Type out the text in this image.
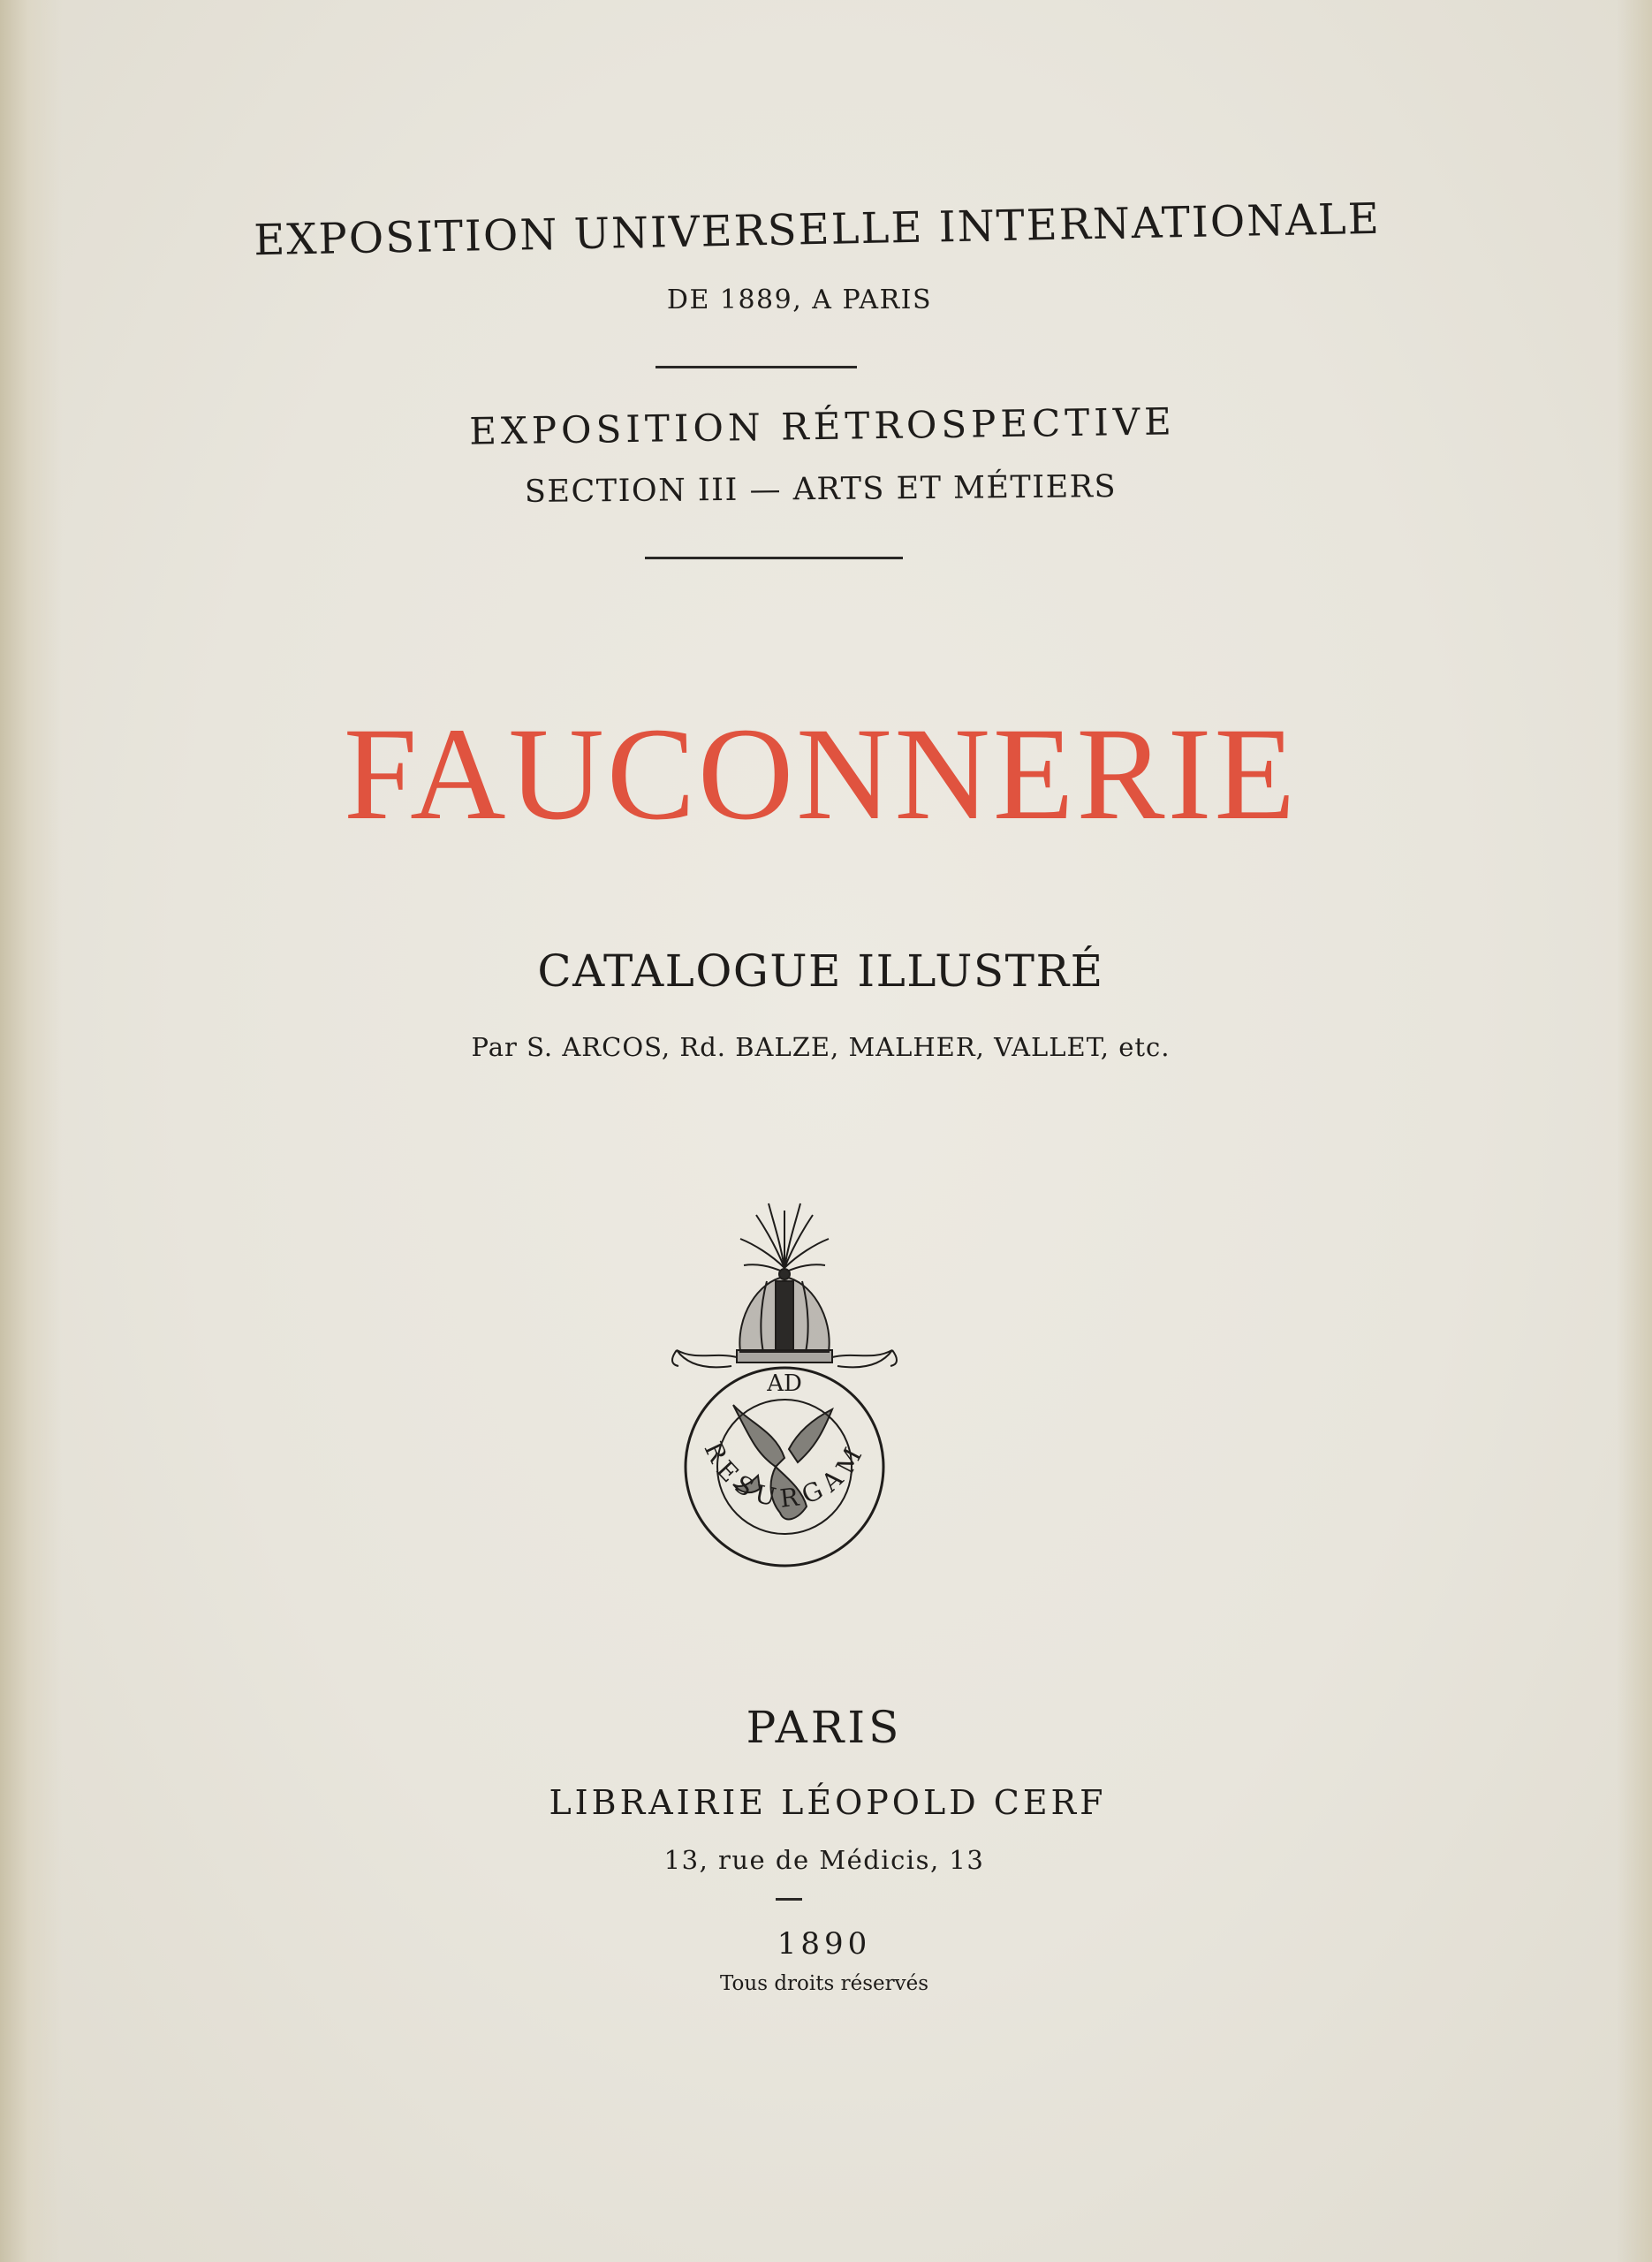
EXPOSITION UNIVERSELLE INTERNATIONALE
DE 1889, A PARIS
EXPOSITION RÉTROSPECTIVE
SECTION III — ARTS ET MÉTIERS
FAUCONNERIE
CATALOGUE ILLUSTRÉ
Par S. ARCOS, Rd. BALZE, MALHER, VALLET, etc.
AD
RESURGAM
PARIS
LIBRAIRIE LÉOPOLD CERF
13, rue de Médicis, 13
1890
Tous droits réservés
